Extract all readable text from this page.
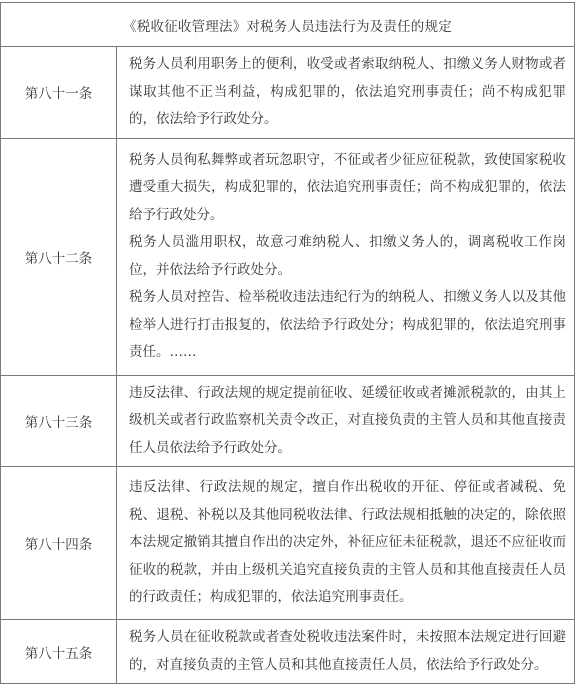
《税收征收管理法》对税务人员违法行为及责任的规定	
第八十一条	税务人员利用职务上的便利，收受或者索取纳税人、扣缴义务人财物或者谋取其他不正当利益，构成犯罪的，依法追究刑事责任；尚不构成犯罪的，依法给予行政处分。

第八十二条	税务人员徇私舞弊或者玩忽职守，不征或者少征应征税款，致使国家税收遭受重大损失，构成犯罪的，依法追究刑事责任；尚不构成犯罪的，依法给予行政处分。

税务人员滥用职权，故意刁难纳税人、扣缴义务人的，调离税收工作岗位，并依法给予行政处分。

税务人员对控告、检举税收违法违纪行为的纳税人、扣缴义务人以及其他检举人进行打击报复的，依法给予行政处分；构成犯罪的，依法追究刑事责任。……

第八十三条	违反法律、行政法规的规定提前征收、延缓征收或者摊派税款的，由其上级机关或者行政监察机关责令改正，对直接负责的主管人员和其他直接责任人员依法给予行政处分。

第八十四条	违反法律、行政法规的规定，擅自作出税收的开征、停征或者减税、免税、退税、补税以及其他同税收法律、行政法规相抵触的决定的，除依照本法规定撤销其擅自作出的决定外，补征应征未征税款，退还不应征收而征收的税款，并由上级机关追究直接负责的主管人员和其他直接责任人员的行政责任；构成犯罪的，依法追究刑事责任。

第八十五条	税务人员在征收税款或者查处税收违法案件时，未按照本法规定进行回避的，对直接负责的主管人员和其他直接责任人员，依法给予行政处分。
